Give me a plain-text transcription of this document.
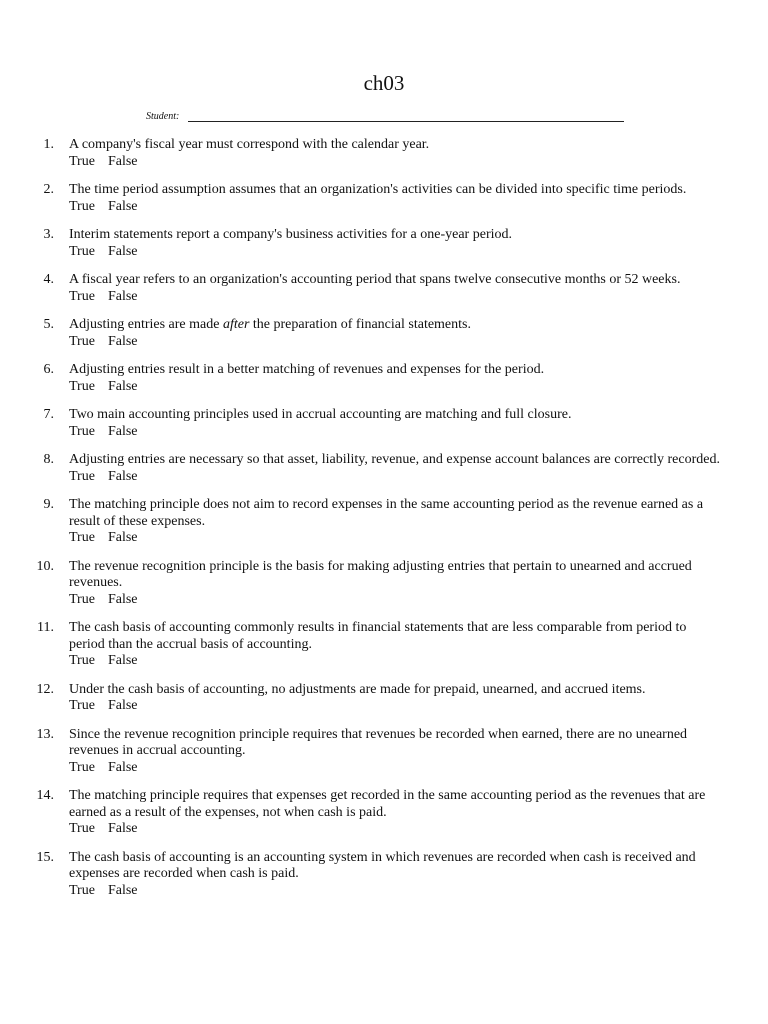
ch03
Student:
1. A company's fiscal year must correspond with the calendar year.
True False
2. The time period assumption assumes that an organization's activities can be divided into specific time periods.
True False
3. Interim statements report a company's business activities for a one-year period.
True False
4. A fiscal year refers to an organization's accounting period that spans twelve consecutive months or 52 weeks.
True False
5. Adjusting entries are made after the preparation of financial statements.
True False
6. Adjusting entries result in a better matching of revenues and expenses for the period.
True False
7. Two main accounting principles used in accrual accounting are matching and full closure.
True False
8. Adjusting entries are necessary so that asset, liability, revenue, and expense account balances are correctly recorded.
True False
9. The matching principle does not aim to record expenses in the same accounting period as the revenue earned as a result of these expenses.
True False
10. The revenue recognition principle is the basis for making adjusting entries that pertain to unearned and accrued revenues.
True False
11. The cash basis of accounting commonly results in financial statements that are less comparable from period to period than the accrual basis of accounting.
True False
12. Under the cash basis of accounting, no adjustments are made for prepaid, unearned, and accrued items.
True False
13. Since the revenue recognition principle requires that revenues be recorded when earned, there are no unearned revenues in accrual accounting.
True False
14. The matching principle requires that expenses get recorded in the same accounting period as the revenues that are earned as a result of the expenses, not when cash is paid.
True False
15. The cash basis of accounting is an accounting system in which revenues are recorded when cash is received and expenses are recorded when cash is paid.
True False
